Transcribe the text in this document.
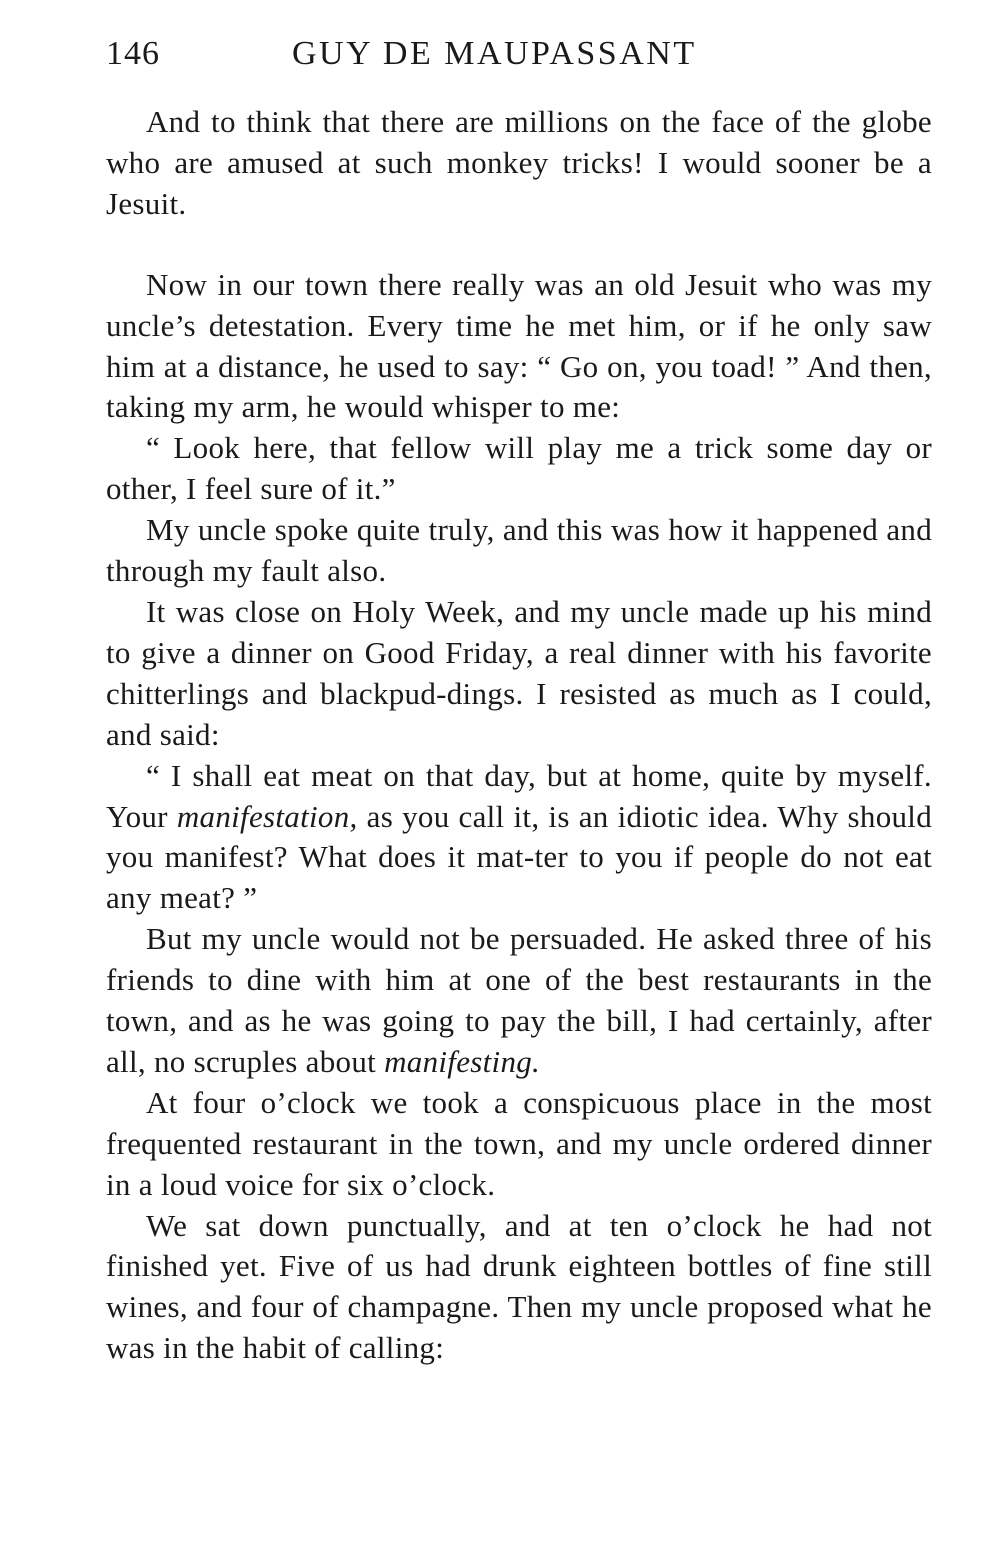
146	GUY DE MAUPASSANT

And to think that there are millions on the face of the globe who are amused at such monkey tricks! I would sooner be a Jesuit.

Now in our town there really was an old Jesuit who was my uncle’s detestation. Every time he met him, or if he only saw him at a distance, he used to say: “ Go on, you toad! ” And then, taking my arm, he would whisper to me:

“ Look here, that fellow will play me a trick some day or other, I feel sure of it.”

My uncle spoke quite truly, and this was how it happened and through my fault also.

It was close on Holy Week, and my uncle made up his mind to give a dinner on Good Friday, a real dinner with his favorite chitterlings and blackpud-dings. I resisted as much as I could, and said:

“ I shall eat meat on that day, but at home, quite by myself. Your manifestation, as you call it, is an idiotic idea. Why should you manifest? What does it mat-ter to you if people do not eat any meat? ”

But my uncle would not be persuaded. He asked three of his friends to dine with him at one of the best restaurants in the town, and as he was going to pay the bill, I had certainly, after all, no scruples about manifesting.

At four o’clock we took a conspicuous place in the most frequented restaurant in the town, and my uncle ordered dinner in a loud voice for six o’clock.

We sat down punctually, and at ten o’clock he had not finished yet. Five of us had drunk eighteen bottles of fine still wines, and four of champagne. Then my uncle proposed what he was in the habit of calling:
